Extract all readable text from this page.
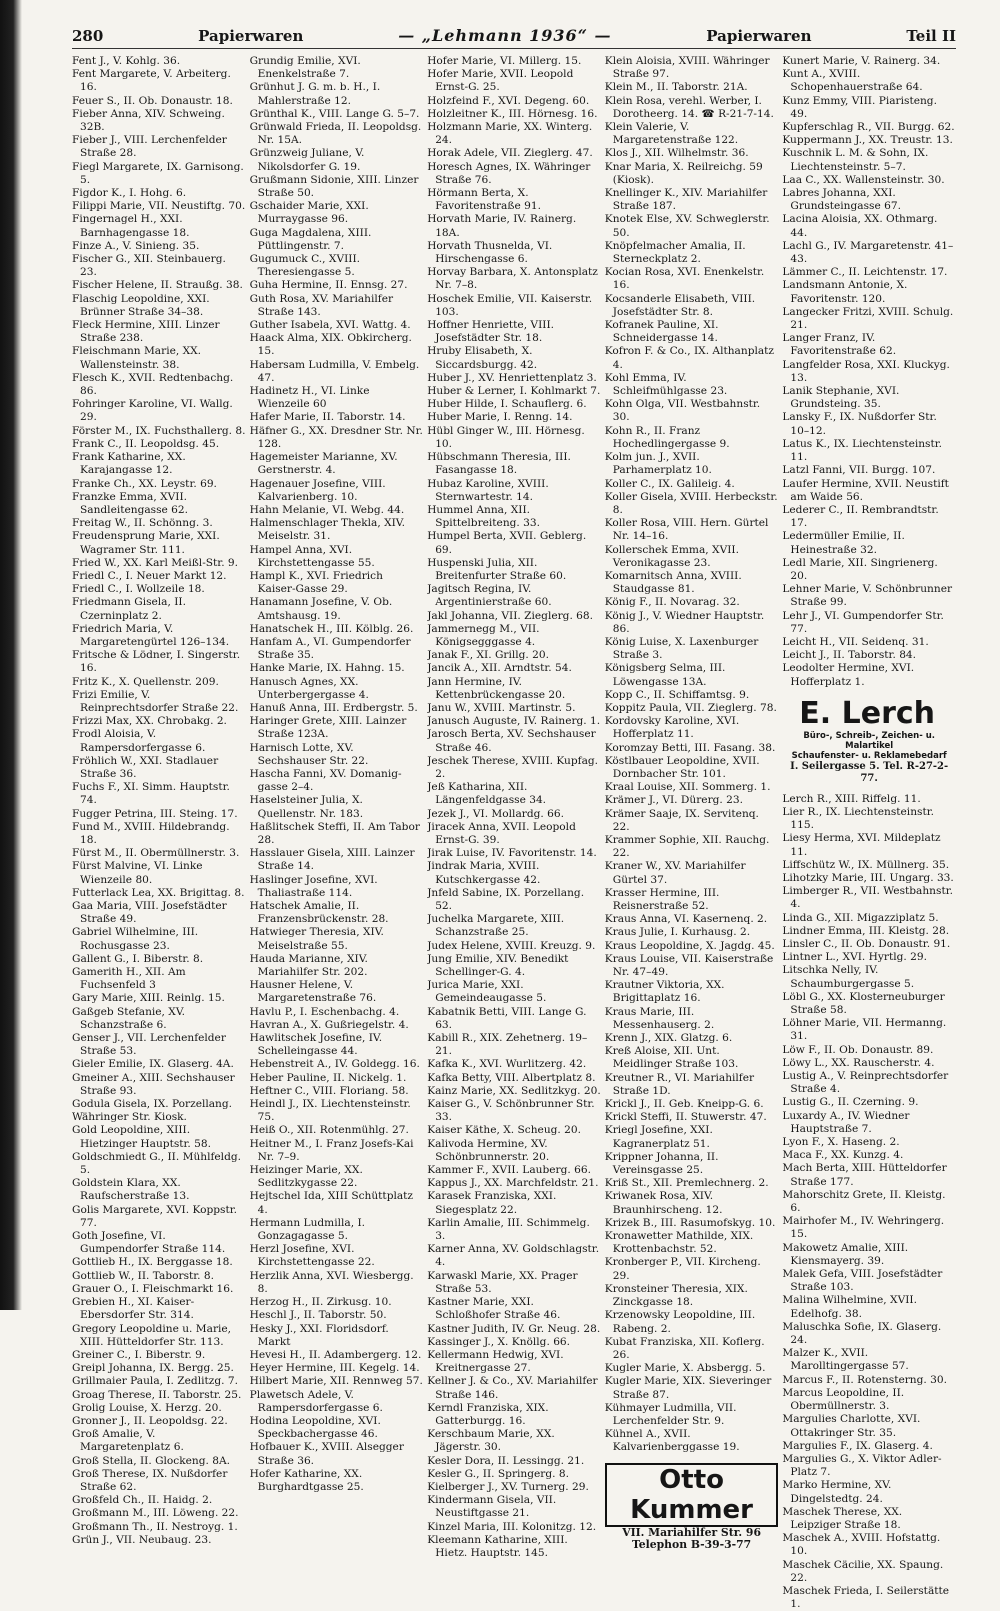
280	Papierwaren	— „Lehmann 1936“ —	Papierwaren	Teil II

Fent J., V. Kohlg. 36.

Fent Margarete, V. Arbeiterg. 16.

Feuer S., II. Ob. Donaustr. 18.

Fieber Anna, XIV. Schweing. 32B.

Fieber J., VIII. Lerchenfelder Straße 28.

Fiegl Margarete, IX. Garnisong. 5.

Figdor K., I. Hohg. 6.

Filippi Marie, VII. Neustiftg. 70.

Fingernagel H., XXI. Barnhagengasse 18.

Finze A., V. Sinieng. 35.

Fischer G., XII. Steinbauerg. 23.

Fischer Helene, II. Straußg. 38.

Flaschig Leopoldine, XXI. Brünner Straße 34–38.

Fleck Hermine, XIII. Linzer Straße 238.

Fleischmann Marie, XX. Wallensteinstr. 38.

Flesch K., XVII. Redtenbachg. 86.

Fohringer Karoline, VI. Wallg. 29.

Förster M., IX. Fuchsthallerg. 8.

Frank C., II. Leopoldsg. 45.

Frank Katharine, XX. Karajangasse 12.

Franke Ch., XX. Leystr. 69.

Franzke Emma, XVII. Sandleitengasse 62.

Freitag W., II. Schönng. 3.

Freudensprung Marie, XXI. Wagramer Str. 111.

Fried W., XX. Karl Meißl-Str. 9.

Friedl C., I. Neuer Markt 12.

Friedl C., I. Wollzeile 18.

Friedmann Gisela, II. Czerninplatz 2.

Friedrich Maria, V. Margaretengürtel 126–134.

Fritsche & Lödner, I. Singerstr. 16.

Fritz K., X. Quellenstr. 209.

Frizi Emilie, V. Reinprechtsdorfer Straße 22.

Frizzi Max, XX. Chrobakg. 2.

Frodl Aloisia, V. Rampersdorfergasse 6.

Fröhlich W., XXI. Stadlauer Straße 36.

Fuchs F., XI. Simm. Hauptstr. 74.

Fugger Petrina, III. Steing. 17.

Fund M., XVIII. Hildebrandg. 18.

Fürst M., II. Obermüllnerstr. 3.

Fürst Malvine, VI. Linke Wienzeile 80.

Futterlack Lea, XX. Brigittag. 8.

Gaa Maria, VIII. Josefstädter Straße 49.

Gabriel Wilhelmine, III. Rochusgasse 23.

Gallent G., I. Biberstr. 8.

Gamerith H., XII. Am Fuchsenfeld 3

Gary Marie, XIII. Reinlg. 15.

Gaßgeb Stefanie, XV. Schanzstraße 6.

Genser J., VII. Lerchenfelder Straße 53.

Gieler Emilie, IX. Glaserg. 4A.

Gmeiner A., XIII. Sechshauser Straße 93.

Godula Gisela, IX. Porzellang.

Währinger Str. Kiosk.

Gold Leopoldine, XIII. Hietzinger Hauptstr. 58.

Goldschmiedt G., II. Mühlfeldg. 5.

Goldstein Klara, XX. Raufscherstraße 13.

Golis Margarete, XVI. Koppstr. 77.

Goth Josefine, VI. Gumpendorfer Straße 114.

Gottlieb H., IX. Berggasse 18.

Gottlieb W., II. Taborstr. 8.

Grauer O., I. Fleischmarkt 16.

Grebien H., XI. Kaiser-Ebersdorfer Str. 314.

Gregory Leopoldine u. Marie, XIII. Hütteldorfer Str. 113.

Greiner C., I. Biberstr. 9.

Greipl Johanna, IX. Bergg. 25.

Grillmaier Paula, I. Zedlitzg. 7.

Groag Therese, II. Taborstr. 25.

Grolig Louise, X. Herzg. 20.

Gronner J., II. Leopoldsg. 22.

Groß Amalie, V. Margaretenplatz 6.

Groß Stella, II. Glockeng. 8A.

Groß Therese, IX. Nußdorfer Straße 62.

Großfeld Ch., II. Haidg. 2.

Großmann M., III. Löweng. 22.

Großmann Th., II. Nestroyg. 1.

Grün J., VII. Neubaug. 23.

Grundig Emilie, XVI. Enenkelstraße 7.

Grünhut J. G. m. b. H., I. Mahlerstraße 12.

Grünthal K., VIII. Lange G. 5–7.

Grünwald Frieda, II. Leopoldsg. Nr. 15A.

Grünzweig Juliane, V. Nikolsdorfer G. 19.

Grußmann Sidonie, XIII. Linzer Straße 50.

Gschaider Marie, XXI. Murraygasse 96.

Guga Magdalena, XIII. Püttlingenstr. 7.

Gugumuck C., XVIII. Theresiengasse 5.

Guha Hermine, II. Ennsg. 27.

Guth Rosa, XV. Mariahilfer Straße 143.

Guther Isabela, XVI. Wattg. 4.

Haack Alma, XIX. Obkircherg. 15.

Habersam Ludmilla, V. Embelg. 47.

Hadinetz H., VI. Linke Wienzeile 60

Hafer Marie, II. Taborstr. 14.

Häfner G., XX. Dresdner Str. Nr. 128.

Hagemeister Marianne, XV. Gerstnerstr. 4.

Hagenauer Josefine, VIII. Kalvarienberg. 10.

Hahn Melanie, VI. Webg. 44.

Halmenschlager Thekla, XIV. Meiselstr. 31.

Hampel Anna, XVI. Kirchstettengasse 55.

Hampl K., XVI. Friedrich Kaiser-Gasse 29.

Hanamann Josefine, V. Ob. Amtshausg. 19.

Hanatschek H., III. Kölblg. 26.

Hanfam A., VI. Gumpendorfer Straße 35.

Hanke Marie, IX. Hahng. 15.

Hanusch Agnes, XX. Unterbergergasse 4.

Hanuß Anna, III. Erdbergstr. 5.

Haringer Grete, XIII. Lainzer Straße 123A.

Harnisch Lotte, XV. Sechshauser Str. 22.

Hascha Fanni, XV. Domanig-gasse 2–4.

Haselsteiner Julia, X. Quellenstr. Nr. 183.

Haßlitschek Steffi, II. Am Tabor 28.

Hasslauer Gisela, XIII. Lainzer Straße 14.

Haslinger Josefine, XVI. Thaliastraße 114.

Hatschek Amalie, II. Franzensbrückenstr. 28.

Hatwieger Theresia, XIV. Meiselstraße 55.

Hauda Marianne, XIV. Mariahilfer Str. 202.

Hausner Helene, V. Margaretenstraße 76.

Havlu P., I. Eschenbachg. 4.

Havran A., X. Gußriegelstr. 4.

Hawlitschek Josefine, IV. Schelleingasse 44.

Hebenstreit A., IV. Goldegg. 16.

Heber Pauline, II. Nickelg. 1.

Heftner C., VIII. Floriang. 58.

Heindl J., IX. Liechtensteinstr. 75.

Heiß O., XII. Rotenmühlg. 27.

Heitner M., I. Franz Josefs-Kai Nr. 7–9.

Heizinger Marie, XX. Sedlitzkygasse 22.

Hejtschel Ida, XIII Schüttplatz 4.

Hermann Ludmilla, I. Gonzagagasse 5.

Herzl Josefine, XVI. Kirchstettengasse 22.

Herzlik Anna, XVI. Wiesbergg. 8.

Herzog H., II. Zirkusg. 10.

Heschl J., II. Taborstr. 50.

Hesky J., XXI. Floridsdorf. Markt

Hevesi H., II. Adambergerg. 12.

Heyer Hermine, III. Kegelg. 14.

Hilbert Marie, XII. Rennweg 57.

Plawetsch Adele, V. Rampersdorfergasse 6.

Hodina Leopoldine, XVI. Speckbachergasse 46.

Hofbauer K., XVIII. Alsegger Straße 36.

Hofer Katharine, XX. Burghardtgasse 25.

Hofer Marie, VI. Millerg. 15.

Hofer Marie, XVII. Leopold Ernst-G. 25.

Holzfeind F., XVI. Degeng. 60.

Holzleitner K., III. Hörnesg. 16.

Holzmann Marie, XX. Winterg. 24.

Horak Adele, VII. Zieglerg. 47.

Horesch Agnes, IX. Währinger Straße 76.

Hörmann Berta, X. Favoritenstraße 91.

Horvath Marie, IV. Rainerg. 18A.

Horvath Thusnelda, VI. Hirschengasse 6.

Horvay Barbara, X. Antonsplatz Nr. 7–8.

Hoschek Emilie, VII. Kaiserstr. 103.

Hoffner Henriette, VIII. Josefstädter Str. 18.

Hruby Elisabeth, X. Siccardsburgg. 42.

Huber J., XV. Henriettenplatz 3.

Huber & Lerner, I. Kohlmarkt 7.

Huber Hilde, I. Schauflerg. 6.

Huber Marie, I. Renng. 14.

Hübl Ginger W., III. Hörnesg. 10.

Hübschmann Theresia, III. Fasangasse 18.

Hubaz Karoline, XVIII. Sternwartestr. 14.

Hummel Anna, XII. Spittelbreiteng. 33.

Humpel Berta, XVII. Geblerg. 69.

Huspenski Julia, XII. Breitenfurter Straße 60.

Jagitsch Regina, IV. Argentinierstraße 60.

Jakl Johanna, VII. Zieglerg. 68.

Jammernegg M., VII. Königsegggasse 4.

Janak F., XI. Grillg. 20.

Jancik A., XII. Arndtstr. 54.

Jann Hermine, IV. Kettenbrückengasse 20.

Janu W., XVIII. Martinstr. 5.

Janusch Auguste, IV. Rainerg. 1.

Jarosch Berta, XV. Sechshauser Straße 46.

Jeschek Therese, XVIII. Kupfag. 2.

Jeß Katharina, XII. Längenfeldgasse 34.

Jezek J., VI. Mollardg. 66.

Jiracek Anna, XVII. Leopold Ernst-G. 39.

Jirak Luise, IV. Favoritenstr. 14.

Jindrak Maria, XVIII. Kutschkergasse 42.

Jnfeld Sabine, IX. Porzellang. 52.

Juchelka Margarete, XIII. Schanzstraße 25.

Judex Helene, XVIII. Kreuzg. 9.

Jung Emilie, XIV. Benedikt Schellinger-G. 4.

Jurica Marie, XXI. Gemeindeaugasse 5.

Kabatnik Betti, VIII. Lange G. 63.

Kabill R., XIX. Zehetnerg. 19–21.

Kafka K., XVI. Wurlitzerg. 42.

Kafka Betty, VIII. Albertplatz 8.

Kainz Marie, XX. Sedlitzkyg. 20.

Kaiser G., V. Schönbrunner Str. 33.

Kaiser Käthe, X. Scheug. 20.

Kalivoda Hermine, XV. Schönbrunnerstr. 20.

Kammer F., XVII. Lauberg. 66.

Kappus J., XX. Marchfeldstr. 21.

Karasek Franziska, XXI. Siegesplatz 22.

Karlin Amalie, III. Schimmelg. 3.

Karner Anna, XV. Goldschlagstr. 4.

Karwaskl Marie, XX. Prager Straße 53.

Kastner Marie, XXI. Schloßhofer Straße 46.

Kastner Judith, IV. Gr. Neug. 28.

Kassinger J., X. Knöllg. 66.

Kellermann Hedwig, XVI. Kreitnergasse 27.

Kellner J. & Co., XV. Mariahilfer Straße 146.

Kerndl Franziska, XIX. Gatterburgg. 16.

Kerschbaum Marie, XX. Jägerstr. 30.

Kesler Dora, II. Lessingg. 21.

Kesler G., II. Springerg. 8.

Kielberger J., XV. Turnerg. 29.

Kindermann Gisela, VII. Neustiftgasse 21.

Kinzel Maria, III. Kolonitzg. 12.

Kleemann Katharine, XIII. Hietz. Hauptstr. 145.

Klein Aloisia, XVIII. Währinger Straße 97.

Klein M., II. Taborstr. 21A.

Klein Rosa, verehl. Werber, I. Dorotheerg. 14. ☎ R-21-7-14.

Klein Valerie, V. Margaretenstraße 122.

Klos J., XII. Wilhelmstr. 36.

Knar Maria, X. Reilreichg. 59 (Kiosk).

Knellinger K., XIV. Mariahilfer Straße 187.

Knotek Else, XV. Schweglerstr. 50.

Knöpfelmacher Amalia, II. Sterneckplatz 2.

Kocian Rosa, XVI. Enenkelstr. 16.

Kocsanderle Elisabeth, VIII. Josefstädter Str. 8.

Kofranek Pauline, XI. Schneidergasse 14.

Kofron F. & Co., IX. Althanplatz 4.

Kohl Emma, IV. Schleifmühlgasse 23.

Kohn Olga, VII. Westbahnstr. 30.

Kohn R., II. Franz Hochedlingergasse 9.

Kolm jun. J., XVII. Parhamerplatz 10.

Koller C., IX. Galileig. 4.

Koller Gisela, XVIII. Herbeckstr. 8.

Koller Rosa, VIII. Hern. Gürtel Nr. 14–16.

Kollerschek Emma, XVII. Veronikagasse 23.

Komarnitsch Anna, XVIII. Staudgasse 81.

König F., II. Novarag. 32.

König J., V. Wiedner Hauptstr. 86.

König Luise, X. Laxenburger Straße 3.

Königsberg Selma, III. Löwengasse 13A.

Kopp C., II. Schiffamtsg. 9.

Koppitz Paula, VII. Zieglerg. 78.

Kordovsky Karoline, XVI. Hofferplatz 11.

Koromzay Betti, III. Fasang. 38.

Köstlbauer Leopoldine, XVII. Dornbacher Str. 101.

Kraal Louise, XII. Sommerg. 1.

Krämer J., VI. Dürerg. 23.

Krämer Saaje, IX. Servitenq. 22.

Krammer Sophie, XII. Rauchg. 22.

Kraner W., XV. Mariahilfer Gürtel 37.

Krasser Hermine, III. Reisnerstraße 52.

Kraus Anna, VI. Kasernenq. 2.

Kraus Julie, I. Kurhausg. 2.

Kraus Leopoldine, X. Jagdg. 45.

Kraus Louise, VII. Kaiserstraße Nr. 47–49.

Krautner Viktoria, XX. Brigittaplatz 16.

Kraus Marie, III. Messenhauserg. 2.

Krenn J., XIX. Glatzg. 6.

Kreß Aloise, XII. Unt. Meidlinger Straße 103.

Kreutner R., VI. Mariahilfer Straße 1D.

Krickl J., II. Geb. Kneipp-G. 6.

Krickl Steffi, II. Stuwerstr. 47.

Kriegl Josefine, XXI. Kagranerplatz 51.

Krippner Johanna, II. Vereinsgasse 25.

Kriß St., XII. Premlechnerg. 2.

Kriwanek Rosa, XIV. Braunhirscheng. 12.

Krizek B., III. Rasumofskyg. 10.

Kronawetter Mathilde, XIX. Krottenbachstr. 52.

Kronberger P., VII. Kircheng. 29.

Kronsteiner Theresia, XIX. Zinckgasse 18.

Krzenowsky Leopoldine, III. Rabeng. 2.

Kubat Franziska, XII. Koflerg. 26.

Kugler Marie, X. Absbergg. 5.

Kugler Marie, XIX. Sieveringer Straße 87.

Kühmayer Ludmilla, VII. Lerchenfelder Str. 9.

Kühnel A., XVII. Kalvarienberggasse 19.

Otto Kummer
VII. Mariahilfer Str. 96
Telephon B-39-3-77

Kunert Marie, V. Rainerg. 34.

Kunt A., XVIII. Schopenhauerstraße 64.

Kunz Emmy, VIII. Piaristeng. 49.

Kupferschlag R., VII. Burgg. 62.

Kuppermann J., XX. Treustr. 13.

Kuschnik L. M. & Sohn, IX. Liechtensteinstr. 5–7.

Laa C., XX. Wallensteinstr. 30.

Labres Johanna, XXI. Grundsteingasse 67.

Lacina Aloisia, XX. Othmarg. 44.

Lachl G., IV. Margaretenstr. 41–43.

Lämmer C., II. Leichtenstr. 17.

Landsmann Antonie, X. Favoritenstr. 120.

Langecker Fritzi, XVIII. Schulg. 21.

Langer Franz, IV. Favoritenstraße 62.

Langfelder Rosa, XXI. Kluckyg. 13.

Lanik Stephanie, XVI. Grundsteing. 35.

Lansky F., IX. Nußdorfer Str. 10–12.

Latus K., IX. Liechtensteinstr. 11.

Latzl Fanni, VII. Burgg. 107.

Laufer Hermine, XVII. Neustift am Waide 56.

Lederer C., II. Rembrandtstr. 17.

Ledermüller Emilie, II. Heinestraße 32.

Ledl Marie, XII. Singrienerg. 20.

Lehner Marie, V. Schönbrunner Straße 99.

Lehr J., VI. Gumpendorfer Str. 77.

Leicht H., VII. Seidenq. 31.

Leicht J., II. Taborstr. 84.

Leodolter Hermine, XVI. Hofferplatz 1.

E. Lerch
Büro-, Schreib-, Zeichen- u. Malartikel
Schaufenster- u. Reklamebedarf
I. Seilergasse 5. Tel. R-27-2-77.

Lerch R., XIII. Riffelg. 11.

Lier R., IX. Liechtensteinstr. 115.

Liesy Herma, XVI. Mildeplatz 11.

Liffschütz W., IX. Müllnerg. 35.

Lihotzky Marie, III. Ungarg. 33.

Limberger R., VII. Westbahnstr. 4.

Linda G., XII. Migazziplatz 5.

Lindner Emma, III. Kleistg. 28.

Linsler C., II. Ob. Donaustr. 91.

Lintner L., XVI. Hyrtlg. 29.

Litschka Nelly, IV. Schaumburgergasse 5.

Löbl G., XX. Klosterneuburger Straße 58.

Löhner Marie, VII. Hermanng. 31.

Löw F., II. Ob. Donaustr. 89.

Löwy L., XX. Rauscherstr. 4.

Lustig A., V. Reinprechtsdorfer Straße 4.

Lustig G., II. Czerning. 9.

Luxardy A., IV. Wiedner Hauptstraße 7.

Lyon F., X. Haseng. 2.

Maca F., XX. Kunzg. 4.

Mach Berta, XIII. Hütteldorfer Straße 177.

Mahorschitz Grete, II. Kleistg. 6.

Mairhofer M., IV. Wehringerg. 15.

Makowetz Amalie, XIII. Kiensmayerg. 39.

Malek Gefa, VIII. Josefstädter Straße 103.

Malina Wilhelmine, XVII. Edelhofg. 38.

Maluschka Sofie, IX. Glaserg. 24.

Malzer K., XVII. Marolltingergasse 57.

Marcus F., II. Rotensterng. 30.

Marcus Leopoldine, II. Obermüllnerstr. 3.

Margulies Charlotte, XVI. Ottakringer Str. 35.

Margulies F., IX. Glaserg. 4.

Margulies G., X. Viktor Adler-Platz 7.

Marko Hermine, XV. Dingelstedtg. 24.

Maschek Therese, XX. Leipziger Straße 18.

Maschek A., XVIII. Hofstattg. 10.

Maschek Cäcilie, XX. Spaung. 22.

Maschek Frieda, I. Seilerstätte 1.
